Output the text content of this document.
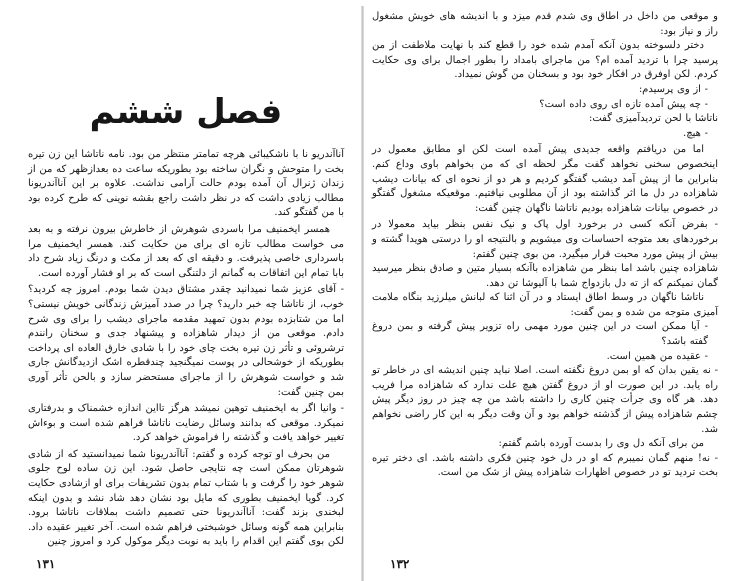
فصل ششم

آناآندریو نا با ناشکیبائی هرچه تمامتر منتظر من بود. نامه ناتاشا این زن تیره بخت را متوحش و نگران ساخته بود بطوریکه ساعت ده بعدازظهر که من از زندان ژنرال آن آمده بودم حالت آرامی نداشت. علاوه بر این آناآندریونا مطالب زیادی داشت که در نظر داشت راجع بقشه نوینی که طرح کرده بود با من گفتگو کند.

همسر ایخمنیف مرا باسردی شوهرش از خاطرش بیرون نرفته و به بعد می خواست مطالب تازه ای برای من حکایت کند. همسر ایخمنیف مرا باسرداری خاصی پذیرفت. و دقیقه ای که بعد از مکث و درنگ زیاد شرح داد بابا تمام این اتفاقات به گمانم از دلتنگی است که بر او فشار آورده است.

- آقای عزیز شما نمیدانید چقدر مشتاق دیدن شما بودم. امروز چه کردید؟ خوب، از ناتاشا چه خبر دارید؟ چرا در صدد آمیزش زندگانی خویش نیستی؟ اما من شتابزده بودم بدون تمهید مقدمه ماجرای دیشب را برای وی شرح دادم. موقعی من از دیدار شاهزاده و پیشنهاد جدی و سخنان رانندم ترشروئی و تأثر زن تیره بخت چای خود را با شادی خارق العاده ای پرداخت بطوریکه از خوشحالی در پوست نمیگنجید چندقطره اشک ازدیدگانش جاری شد و خواست شوهرش را از ماجرای مستحضر سازد و بالحن تأثر آوری بمن چنین گفت:

- وانیا اگر به ایخمنیف توهین نمیشد هرگز تااین اندازه خشمناک و بدرفتاری نمیکرد. موقعی که بدانند وسائل رضایت ناتاشا فراهم شده است و بوءاش تغییر خواهد یافت و گذشته را فراموش خواهد کرد.

من بحرف او توجه کرده و گفتم: آناآندریونا شما نمیدانستید که از شادی شوهرتان ممکن است چه نتایجی حاصل شود. این زن ساده لوح جلوی شوهر خود را گرفت و با شتاب تمام بدون تشریفات برای او ازشادی حکایت کرد. گویا ایخمنیف بطوری که مایل بود نشان دهد شاد نشد و بدون اینکه لبخندی بزند گفت: آناآندریونا حتی تصمیم داشت بملاقات ناتاشا برود. بنابراین همه گونه وسائل خوشبختی فراهم شده است. آخر تغییر عقیده داد. لکن بوی گفتم این اقدام را باید به نوبت دیگر موکول کرد و امروز چنین

۱۳۱

و موقعی من داخل در اطاق وی شدم قدم میزد و با اندیشه های خویش مشغول راز و نیاز بود:

دختر دلسوخته بدون آنکه آمدم شده خود را قطع کند با نهایت ملاطفت از من پرسید چرا با تردید آمده ام؟ من ماجرای بامداد را بطور اجمال برای وی حکایت کردم. لکن اوفرق در افکار خود بود و بسخنان من گوش نمیداد.

- از وی پرسیدم:

- چه پیش آمده تازه ای روی داده است؟

ناتاشا با لحن تردیدآمیزی گفت:

- هیچ.

اما من دریافتم واقعه جدیدی پیش آمده است لکن او مطابق معمول در اینخصوص سخنی نخواهد گفت مگر لحظه ای که من بخواهم باوی وداع کنم. بنابراین ما از پیش آمد دیشب گفتگو کردیم و هر دو از نحوه ای که بیانات دیشب شاهزاده در دل ما اثر گذاشته بود از آن مطلوبی نیافتیم. موقعیکه مشغول گفتگو در خصوص بیانات شاهزاده بودیم ناتاشا ناگهان چنین گفت:

- بفرض آنکه کسی در برخورد اول پاک و نیک نفس بنظر بیاید معمولا در برخوردهای بعد متوجه احساسات وی میشویم و بالنتیجه او را درستی هویدا گشته و بیش از پیش مورد محبت قرار میگیرد. من بوی چنین گفتم:

شاهزاده چنین باشد اما بنظر من شاهزاده باآنکه بسیار متین و صادق بنظر میرسید گمان نمیکنم که از ته دل بازدواج شما با آلیوشا تن دهد.

ناتاشا ناگهان در وسط اطاق ایستاد و در آن اثنا که لبانش میلرزید بنگاه ملامت آمیزی متوجه من شده و بمن گفت:

- آیا ممکن است در این چنین مورد مهمی راه تزویر پیش گرفته و بمن دروغ گفته باشد؟

- عقیده من همین است.

- نه یقین بدان که او بمن دروغ نگفته است. اصلا نباید چنین اندیشه ای در خاطر تو راه یابد. در این صورت او از دروغ گفتن هیچ علت ندارد که شاهزاده مرا فریب دهد. هر گاه وی جرأت چنین کاری را داشته باشد من چه چیز در روز دیگر پیش چشم شاهزاده پیش از گذشته خواهم بود و آن وقت دیگر به این کار راضی نخواهم شد.

من برای آنکه دل وی را بدست آورده باشم گفتم:

- نه! منهم گمان نمیبرم که او در دل خود چنین فکری داشته باشد. ای دختر تیره بخت تردید تو در خصوص اظهارات شاهزاده پیش از شک من است.

۱۳۲
